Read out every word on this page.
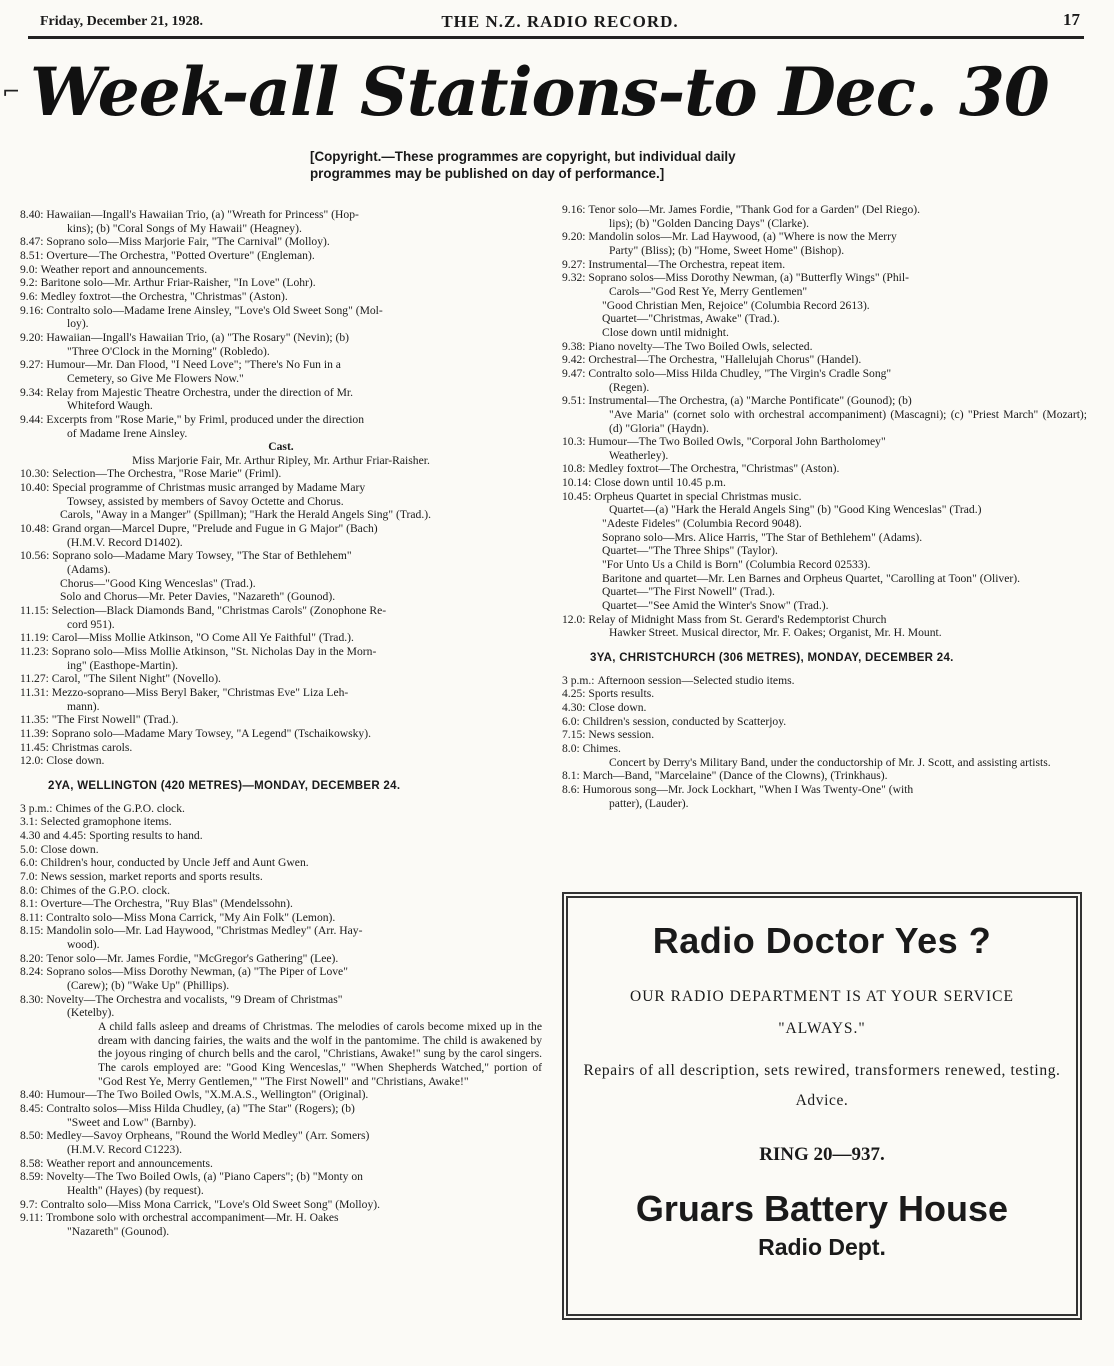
Friday, December 21, 1928.	THE N.Z. RADIO RECORD.	17
Week-all Stations-to Dec. 30
[Copyright.—These programmes are copyright, but individual daily programmes may be published on day of performance.]
8.40: Hawaiian—Ingall's Hawaiian Trio, (a) "Wreath for Princess" (Hop-
kins); (b) "Coral Songs of My Hawaii" (Heagney).
8.47: Soprano solo—Miss Marjorie Fair, "The Carnival" (Molloy).
8.51: Overture—The Orchestra, "Potted Overture" (Engleman).
9.0: Weather report and announcements.
9.2: Baritone solo—Mr. Arthur Friar-Raisher, "In Love" (Lohr).
9.6: Medley foxtrot—the Orchestra, "Christmas" (Aston).
9.16: Contralto solo—Madame Irene Ainsley, "Love's Old Sweet Song" (Mol-
loy).
9.20: Hawaiian—Ingall's Hawaiian Trio, (a) "The Rosary" (Nevin); (b)
"Three O'Clock in the Morning" (Robledo).
9.27: Humour—Mr. Dan Flood, "I Need Love"; "There's No Fun in a
Cemetery, so Give Me Flowers Now."
9.34: Relay from Majestic Theatre Orchestra, under the direction of Mr.
Whiteford Waugh.
9.44: Excerpts from "Rose Marie," by Friml, produced under the direction
of Madame Irene Ainsley.
Cast.
Miss Marjorie Fair, Mr. Arthur Ripley, Mr. Arthur Friar-Raisher.
10.30: Selection—The Orchestra, "Rose Marie" (Friml).
10.40: Special programme of Christmas music arranged by Madame Mary
Towsey, assisted by members of Savoy Octette and Chorus.
Carols, "Away in a Manger" (Spillman); "Hark the Herald Angels Sing" (Trad.).
10.48: Grand organ—Marcel Dupre, "Prelude and Fugue in G Major" (Bach)
(H.M.V. Record D1402).
10.56: Soprano solo—Madame Mary Towsey, "The Star of Bethlehem"
(Adams).
Chorus—"Good King Wenceslas" (Trad.).
Solo and Chorus—Mr. Peter Davies, "Nazareth" (Gounod).
11.15: Selection—Black Diamonds Band, "Christmas Carols" (Zonophone Re-
cord 951).
11.19: Carol—Miss Mollie Atkinson, "O Come All Ye Faithful" (Trad.).
11.23: Soprano solo—Miss Mollie Atkinson, "St. Nicholas Day in the Morn-
ing" (Easthope-Martin).
11.27: Carol, "The Silent Night" (Novello).
11.31: Mezzo-soprano—Miss Beryl Baker, "Christmas Eve" Liza Leh-
mann).
11.35: "The First Nowell" (Trad.).
11.39: Soprano solo—Madame Mary Towsey, "A Legend" (Tschaikowsky).
11.45: Christmas carols.
12.0: Close down.
2YA, WELLINGTON (420 METRES)—MONDAY, DECEMBER 24.
3 p.m.: Chimes of the G.P.O. clock.
3.1: Selected gramophone items.
4.30 and 4.45: Sporting results to hand.
5.0: Close down.
6.0: Children's hour, conducted by Uncle Jeff and Aunt Gwen.
7.0: News session, market reports and sports results.
8.0: Chimes of the G.P.O. clock.
8.1: Overture—The Orchestra, "Ruy Blas" (Mendelssohn).
8.11: Contralto solo—Miss Mona Carrick, "My Ain Folk" (Lemon).
8.15: Mandolin solo—Mr. Lad Haywood, "Christmas Medley" (Arr. Hay-
wood).
8.20: Tenor solo—Mr. James Fordie, "McGregor's Gathering" (Lee).
8.24: Soprano solos—Miss Dorothy Newman, (a) "The Piper of Love"
(Carew); (b) "Wake Up" (Phillips).
8.30: Novelty—The Orchestra and vocalists, "9 Dream of Christmas"
(Ketelby).
A child falls asleep and dreams of Christmas. The melodies of carols become mixed up in the dream with dancing fairies, the waits and the wolf in the pantomime. The child is awakened by the joyous ringing of church bells and the carol, "Christians, Awake!" sung by the carol singers. The carols employed are: "Good King Wenceslas," "When Shepherds Watched," portion of "God Rest Ye, Merry Gentlemen," "The First Nowell" and "Christians, Awake!"
8.40: Humour—The Two Boiled Owls, "X.M.A.S., Wellington" (Original).
8.45: Contralto solos—Miss Hilda Chudley, (a) "The Star" (Rogers); (b)
"Sweet and Low" (Barnby).
8.50: Medley—Savoy Orpheans, "Round the World Medley" (Arr. Somers)
(H.M.V. Record C1223).
8.58: Weather report and announcements.
8.59: Novelty—The Two Boiled Owls, (a) "Piano Capers"; (b) "Monty on
Health" (Hayes) (by request).
9.7: Contralto solo—Miss Mona Carrick, "Love's Old Sweet Song" (Molloy).
9.11: Trombone solo with orchestral accompaniment—Mr. H. Oakes
"Nazareth" (Gounod).
9.16: Tenor solo—Mr. James Fordie, "Thank God for a Garden" (Del Riego).
lips); (b) "Golden Dancing Days" (Clarke).
9.20: Mandolin solos—Mr. Lad Haywood, (a) "Where is now the Merry
Party" (Bliss); (b) "Home, Sweet Home" (Bishop).
9.27: Instrumental—The Orchestra, repeat item.
9.32: Soprano solos—Miss Dorothy Newman, (a) "Butterfly Wings" (Phil-
Carols—"God Rest Ye, Merry Gentlemen"
"Good Christian Men, Rejoice" (Columbia Record 2613).
Quartet—"Christmas, Awake" (Trad.).
Close down until midnight.
9.38: Piano novelty—The Two Boiled Owls, selected.
9.42: Orchestral—The Orchestra, "Hallelujah Chorus" (Handel).
9.47: Contralto solo—Miss Hilda Chudley, "The Virgin's Cradle Song"
(Regen).
9.51: Instrumental—The Orchestra, (a) "Marche Pontificate" (Gounod); (b)
"Ave Maria" (cornet solo with orchestral accompaniment) (Mascagni); (c) "Priest March" (Mozart); (d) "Gloria" (Haydn).
10.3: Humour—The Two Boiled Owls, "Corporal John Bartholomey"
Weatherley).
10.8: Medley foxtrot—The Orchestra, "Christmas" (Aston).
10.14: Close down until 10.45 p.m.
10.45: Orpheus Quartet in special Christmas music.
Quartet—(a) "Hark the Herald Angels Sing" (b) "Good King Wenceslas" (Trad.)
"Adeste Fideles" (Columbia Record 9048).
Soprano solo—Mrs. Alice Harris, "The Star of Bethlehem" (Adams).
Quartet—"The Three Ships" (Taylor).
"For Unto Us a Child is Born" (Columbia Record 02533).
Baritone and quartet—Mr. Len Barnes and Orpheus Quartet, "Carolling at Toon" (Oliver).
Quartet—"The First Nowell" (Trad.).
Quartet—"See Amid the Winter's Snow" (Trad.).
12.0: Relay of Midnight Mass from St. Gerard's Redemptorist Church
Hawker Street. Musical director, Mr. F. Oakes; Organist, Mr. H. Mount.
3YA, CHRISTCHURCH (306 METRES), MONDAY, DECEMBER 24.
3 p.m.: Afternoon session—Selected studio items.
4.25: Sports results.
4.30: Close down.
6.0: Children's session, conducted by Scatterjoy.
7.15: News session.
8.0: Chimes.
Concert by Derry's Military Band, under the conductorship of Mr. J. Scott, and assisting artists.
8.1: March—Band, "Marcelaine" (Dance of the Clowns), (Trinkhaus).
8.6: Humorous song—Mr. Jock Lockhart, "When I Was Twenty-One" (with
patter), (Lauder).
Radio Doctor Yes ?
OUR RADIO DEPARTMENT IS AT YOUR SERVICE
"ALWAYS."
Repairs of all description, sets rewired, transformers renewed, testing. Advice.
RING 20—937.
Gruars Battery House
Radio Dept.
⌐
